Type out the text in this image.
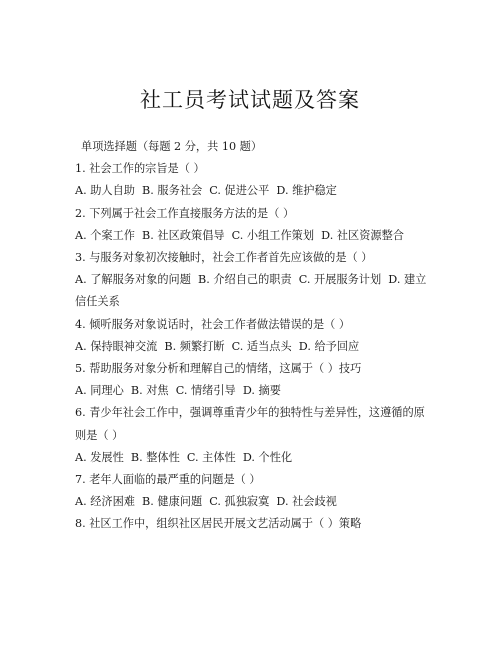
社工员考试试题及答案
单项选择题（每题 2 分，共 10 题）
1. 社会工作的宗旨是（ ）
A. 助人自助  B. 服务社会  C. 促进公平  D. 维护稳定
2. 下列属于社会工作直接服务方法的是（ ）
A. 个案工作  B. 社区政策倡导  C. 小组工作策划  D. 社区资源整合
3. 与服务对象初次接触时，社会工作者首先应该做的是（ ）
A. 了解服务对象的问题  B. 介绍自己的职责  C. 开展服务计划  D. 建立信任关系
4. 倾听服务对象说话时，社会工作者做法错误的是（ ）
A. 保持眼神交流  B. 频繁打断  C. 适当点头  D. 给予回应
5. 帮助服务对象分析和理解自己的情绪，这属于（ ）技巧
A. 同理心  B. 对焦  C. 情绪引导  D. 摘要
6. 青少年社会工作中，强调尊重青少年的独特性与差异性，这遵循的原则是（ ）
A. 发展性  B. 整体性  C. 主体性  D. 个性化
7. 老年人面临的最严重的问题是（ ）
A. 经济困难  B. 健康问题  C. 孤独寂寞  D. 社会歧视
8. 社区工作中，组织社区居民开展文艺活动属于（ ）策略
